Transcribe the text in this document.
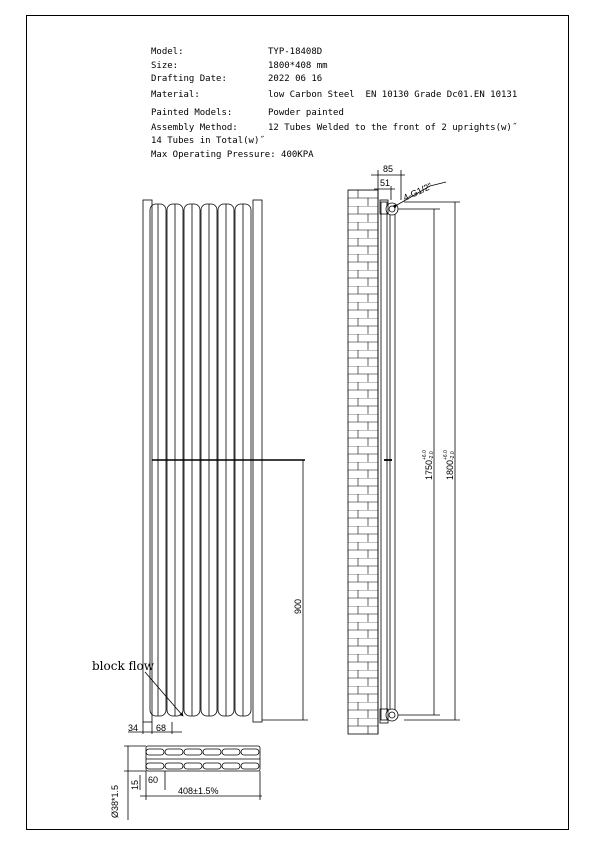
Model:	TYP-18408D
Size:	1800*408 mm
Drafting Date:	2022 06 16
Material:	low Carbon Steel  EN 10130 Grade Dc01.EN 10131
Painted Models:	Powder painted
Assembly Method:	12 Tubes Welded to the front of 2 uprights(w)˝
14 Tubes in Total(w)˝
Max Operating Pressure: 400KPA
85
51 4-G1/2"
1750
+6.0 -2.0
1800
+6.0 -2.0
900
block flow
34 68
Ø38*1.5 15 60
408±1.5%
